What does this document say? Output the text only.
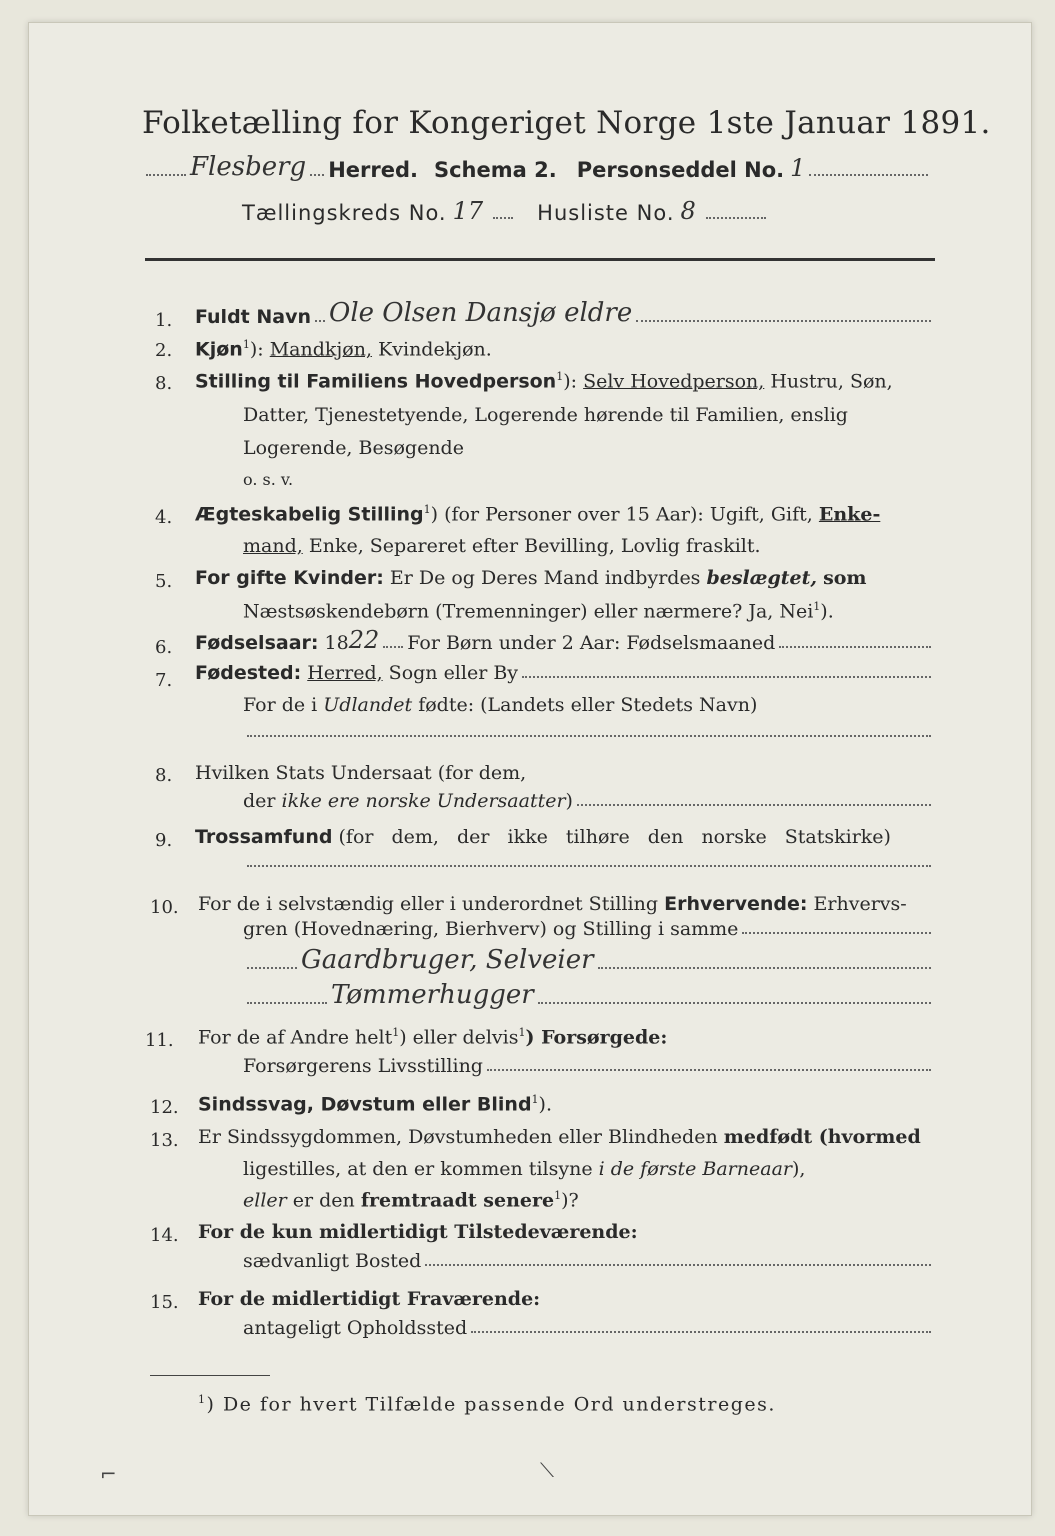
Folketælling for Kongeriget Norge 1ste Januar 1891.
Flesberg Herred. Schema 2. Personseddel No. 1
Tællingskreds No. 17	Husliste No. 8
1.	Fuldt Navn Ole Olsen Dansjø eldre
2.	Kjøn$^1$): Mandkjøn, Kvindekjøn.
8.	Stilling til Familiens Hovedperson$^1$): Selv Hovedperson, Hustru, Søn,
Datter, Tjenestetyende, Logerende hørende til Familien, enslig
Logerende, Besøgende
o. s. v.
4.	Ægteskabelig Stilling$^1$) (for Personer over 15 Aar): Ugift, Gift, Enke-
mand, Enke, Separeret efter Bevilling, Lovlig fraskilt.
5.	For gifte Kvinder: Er De og Deres Mand indbyrdes beslægtet, som
Næstsøskendebørn (Tremenninger) eller nærmere? Ja, Nei$^1$).
6.	Fødselsaar: 18 22 For Børn under 2 Aar: Fødselsmaaned
7.	Fødested: Herred, Sogn eller By
For de i Udlandet fødte: (Landets eller Stedets Navn)
8.	Hvilken Stats Undersaat (for dem,
der ikke ere norske Undersaatter )
9.	Trossamfund (for dem, der ikke tilhøre den norske Statskirke)
10.	For de i selvstændig eller i underordnet Stilling Erhvervende: Erhvervs-
gren (Hovednæring, Bierhverv) og Stilling i samme
Gaardbruger, Selveier
Tømmerhugger
11.	For de af Andre helt$^1$) eller delvis$^1$) Forsørgede:
Forsørgerens Livsstilling
12.	Sindssvag, Døvstum eller Blind$^1$).
13.	Er Sindssygdommen, Døvstumheden eller Blindheden medfødt (hvormed
ligestilles, at den er kommen tilsyne i de første Barneaar),
eller er den fremtraadt senere$^1$)?
14.	For de kun midlertidigt Tilstedeværende:
sædvanligt Bosted
15.	For de midlertidigt Fraværende:
antageligt Opholdssted
$^1$) De for hvert Tilfælde passende Ord understreges.
⌐	⟍
